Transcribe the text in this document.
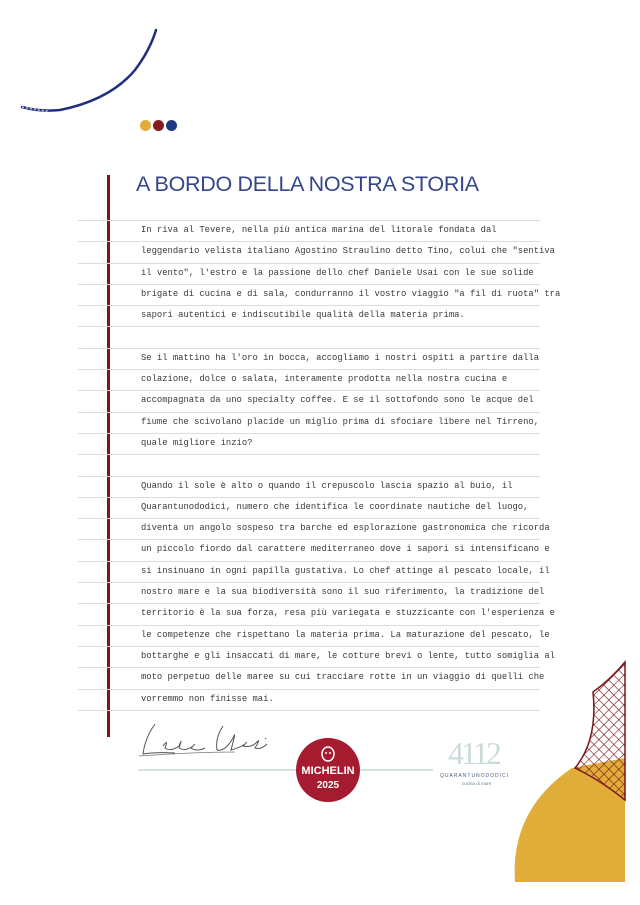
A BORDO DELLA NOSTRA STORIA
In riva al Tevere, nella più antica marina del litorale fondata dal
leggendario velista italiano Agostino Straulino detto Tino, colui che "sentiva
il vento", l'estro e la passione dello chef Daniele Usai con le sue solide
brigate di cucina e di sala, condurranno il vostro viaggio "a fil di ruota" tra
sapori autentici e indiscutibile qualità della materia prima.
Se il mattino ha l'oro in bocca, accogliamo i nostri ospiti a partire dalla
colazione, dolce o salata, interamente prodotta nella nostra cucina e
accompagnata da uno specialty coffee. E se il sottofondo sono le acque del
fiume che scivolano placide un miglio prima di sfociare libere nel Tirreno,
quale migliore inzio?
Quando il sole è alto o quando il crepuscolo lascia spazio al buio, il
Quarantunododici, numero che identifica le coordinate nautiche del luogo,
diventa un angolo sospeso tra barche ed esplorazione gastronomica che ricorda
un piccolo fiordo dal carattere mediterraneo dove i sapori si intensificano e
si insinuano in ogni papilla gustativa. Lo chef attinge al pescato locale, il
nostro mare e la sua biodiversità sono il suo riferimento, la tradizione del
territorio è la sua forza, resa più variegata e stuzzicante con l'esperienza e
le competenze che rispettano la materia prima. La maturazione del pescato, le
bottarghe e gli insaccati di mare, le cotture brevi o lente, tutto somiglia al
moto perpetuo delle maree su cui tracciare rotte in un viaggio di quelli che
vorremmo non finisse mai.
MICHELIN
2025
4112
QUARANTUNODODICI
cucina di mare
